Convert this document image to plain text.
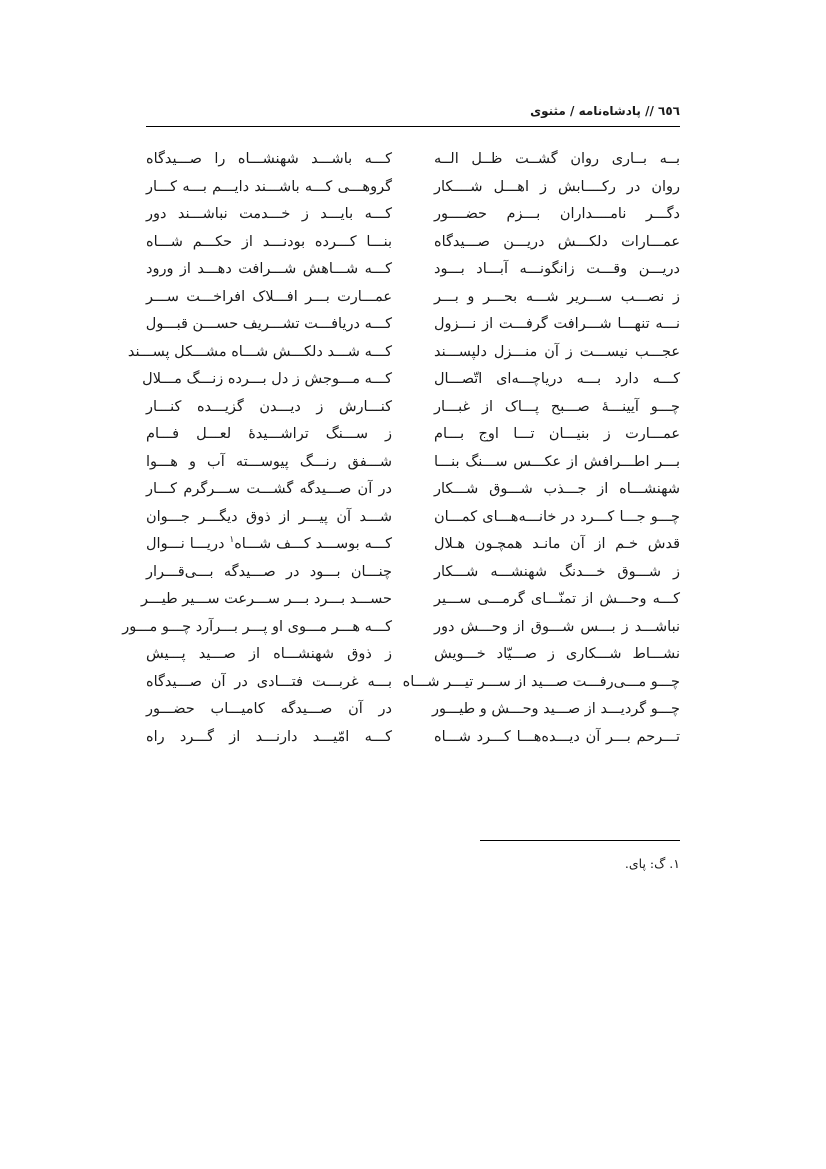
٦٥٦ // پادشاه‌نامه / مثنوی
بــه بــاری روان گشــت ظــل الــه
روان در رکــــابش ز اهـــل شــــکار
دگـــر نامــــداران بـــزم حضــــور
عمـــارات دلکـــش دریـــن صـــیدگاه
دریـــن وقـــت زانگونـــه آبـــاد بـــود
ز نصـــب ســـریر شـــه بحـــر و بـــر
نـــه تنهـــا شـــرافت گرفـــت از نـــزول
عجـــب نیســـت ز آن منـــزل دلپســـند
کـــه دارد بـــه دریاچـــه‌ای اتّصـــال
چـــو آیینـــهٔ صـــبح پـــاک از غبـــار
عمـــارت ز بنیـــان تـــا اوج بـــام
بـــر اطـــرافش از عکـــس ســـنگ بنـــا
شهنشـــاه از جـــذب شـــوق شـــکار
چـــو جـــا کـــرد در خانـــه‌هـــای کمـــان
قدش خـم از آن مانـد همچـون هـلال
ز شـــوق خـــدنگ شهنشـــه شـــکار
کـــه وحـــش از تمنّـــای گرمـــی ســـیر
نباشـــد ز بـــس شـــوق از وحـــش دور
نشـــاط شـــکاری ز صـــیّاد خـــویش
چـــو مـــی‌رفـــت صـــید از ســـر تیـــر شـــاه
چـــو گردیـــد از صـــید وحـــش و طیـــور
تـــرحم بـــر آن دیـــده‌هـــا کـــرد شـــاه
کـــه باشـــد شهنشـــاه را صـــیدگاه
گروهـــی کـــه باشـــند دایـــم بـــه کـــار
کـــه بایـــد ز خـــدمت نباشـــند دور
بنـــا کـــرده بودنـــد از حکـــم شـــاه
کـــه شـــاهش شـــرافت دهـــد از ورود
عمـــارت بـــر افـــلاک افراخـــت ســـر
کـــه دریافـــت تشـــریف حســـن قبـــول
کـــه شـــد دلکـــش شـــاه مشـــکل پســـند
کـــه مـــوجش ز دل بـــرده زنـــگ مـــلال
کنـــارش ز دیـــدن گزیـــده کنـــار
ز ســـنگ تراشـــیدهٔ لعـــل فـــام
شـــفق رنـــگ پیوســـته آب و هـــوا
در آن صـــیدگه گشـــت ســـرگرم کـــار
شـــد آن پیـــر از ذوق دیگـــر جـــوان
کـــه بوســـد کـــف شـــاه$^١$ دریـــا نـــوال
چنـــان بـــود در صـــیدگه بـــی‌قـــرار
حســـد بـــرد بـــر ســـرعت ســـیر طیـــر
کـــه هـــر مـــوی او پـــر بـــرآرد چـــو مـــور
ز ذوق شهنشـــاه از صـــید پـــیش
بـــه غربـــت فتـــادی در آن صـــیدگاه
در آن صـــیدگه کامیـــاب حضـــور
کـــه امّیـــد دارنـــد از گـــرد راه
١. گ: پای.
